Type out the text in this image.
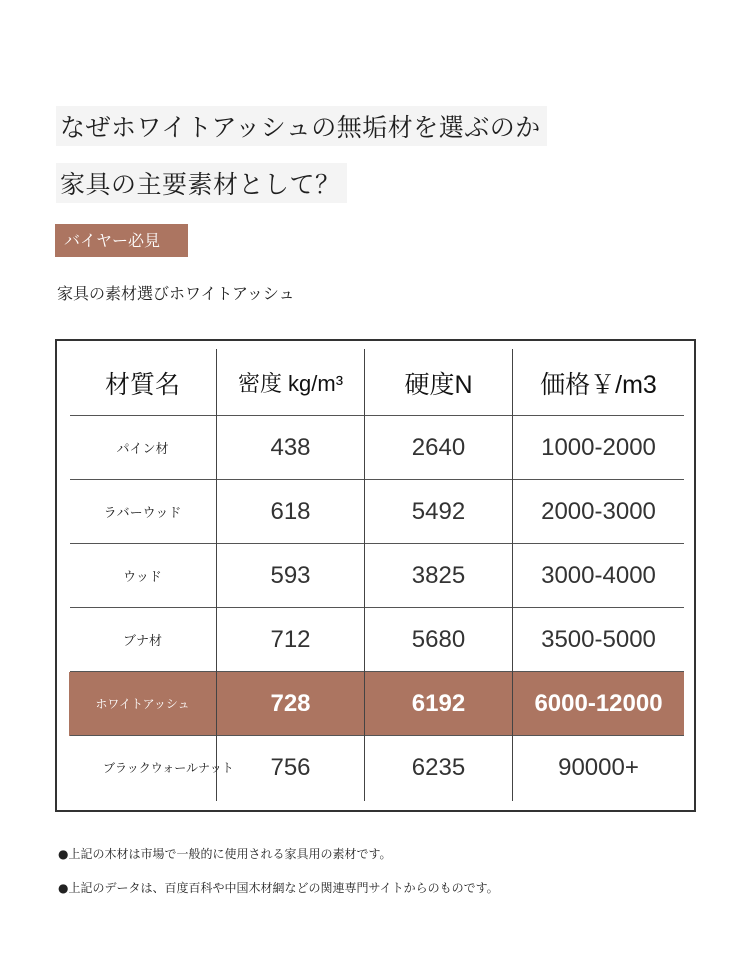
なぜホワイトアッシュの無垢材を選ぶのか
家具の主要素材として？
バイヤー必見
家具の素材選びホワイトアッシュ
材質名	密度 kg/m³	硬度N	価格￥/m3
パイン材	438	2640	1000-2000
ラバーウッド	618	5492	2000-3000
ウッド	593	3825	3000-4000
ブナ材	712	5680	3500-5000
ホワイトアッシュ	728	6192	6000-12000
ブラックウォールナット	756	6235	90000+
●上記の木材は市場で一般的に使用される家具用の素材です。
●上記のデータは、百度百科や中国木材網などの関連専門サイトからのものです。
